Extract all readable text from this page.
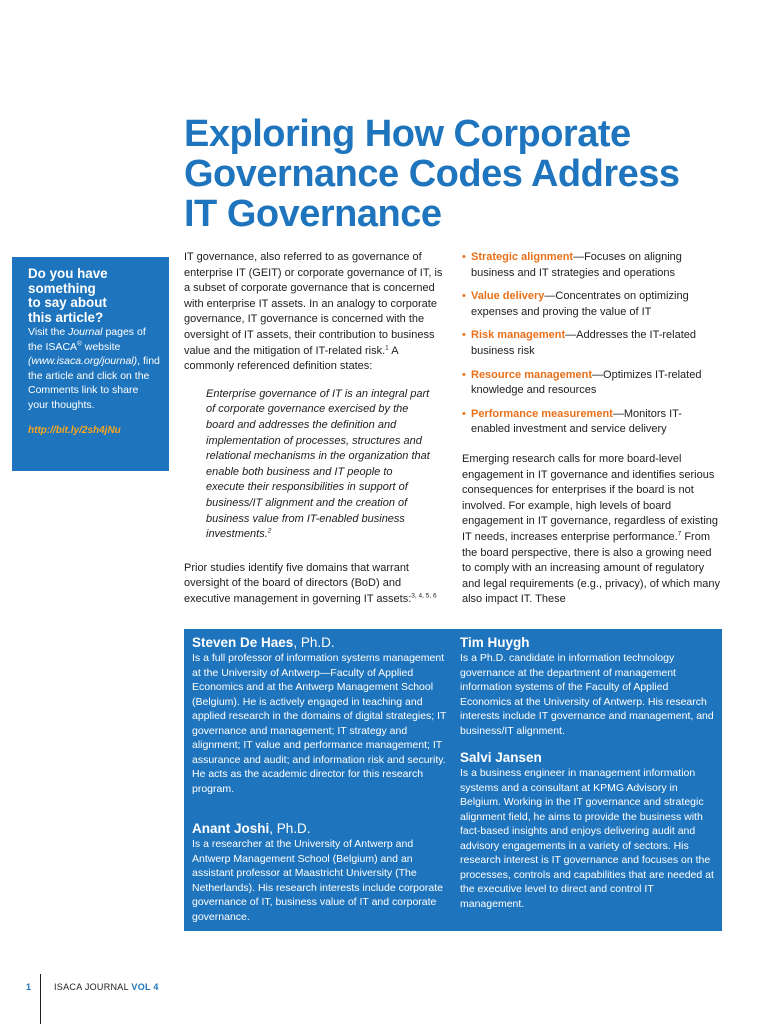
Exploring How Corporate
Governance Codes Address
IT Governance
Do you have
something
to say about
this article?
Visit the Journal pages of the ISACA® website (www.isaca.org/journal), find the article and click on the Comments link to share your thoughts.
http://bit.ly/2sh4jNu

IT governance, also referred to as governance of enterprise IT (GEIT) or corporate governance of IT, is a subset of corporate governance that is concerned with enterprise IT assets. In an analogy to corporate governance, IT governance is concerned with the oversight of IT assets, their contribution to business value and the mitigation of IT-related risk.$^1$ A commonly referenced definition states:

Enterprise governance of IT is an integral part of corporate governance exercised by the board and addresses the definition and implementation of processes, structures and relational mechanisms in the organization that enable both business and IT people to execute their responsibilities in support of business/IT alignment and the creation of business value from IT-enabled business investments.$^2$

Prior studies identify five domains that warrant oversight of the board of directors (BoD) and executive management in governing IT assets:$^{3, 4, 5, 6}$

• Strategic alignment—Focuses on aligning business and IT strategies and operations
• Value delivery—Concentrates on optimizing expenses and proving the value of IT
• Risk management—Addresses the IT-related business risk
• Resource management—Optimizes IT-related knowledge and resources
• Performance measurement—Monitors IT-enabled investment and service delivery

Emerging research calls for more board-level engagement in IT governance and identifies serious consequences for enterprises if the board is not involved. For example, high levels of board engagement in IT governance, regardless of existing IT needs, increases enterprise performance.$^7$ From the board perspective, there is also a growing need to comply with an increasing amount of regulatory and legal requirements (e.g., privacy), of which many also impact IT. These

Steven De Haes, Ph.D.
Is a full professor of information systems management at the University of Antwerp—Faculty of Applied Economics and at the Antwerp Management School (Belgium). He is actively engaged in teaching and applied research in the domains of digital strategies; IT governance and management; IT strategy and alignment; IT value and performance management; IT assurance and audit; and information risk and security. He acts as the academic director for this research program.
Anant Joshi, Ph.D.
Is a researcher at the University of Antwerp and Antwerp Management School (Belgium) and an assistant professor at Maastricht University (The Netherlands). His research interests include corporate governance of IT, business value of IT and corporate governance.
Tim Huygh
Is a Ph.D. candidate in information technology governance at the department of management information systems of the Faculty of Applied Economics at the University of Antwerp. His research interests include IT governance and management, and business/IT alignment.
Salvi Jansen
Is a business engineer in management information systems and a consultant at KPMG Advisory in Belgium. Working in the IT governance and strategic alignment field, he aims to provide the business with fact-based insights and enjoys delivering audit and advisory engagements in a variety of sectors. His research interest is IT governance and focuses on the processes, controls and capabilities that are needed at the executive level to direct and control IT management.
1	ISACA JOURNAL VOL 4
